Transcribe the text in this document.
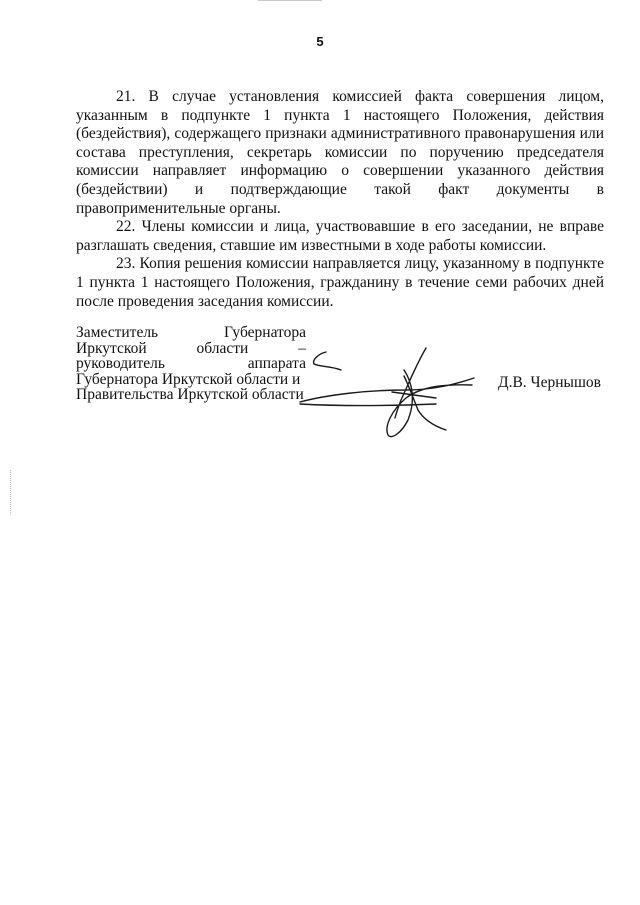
5

21. В случае установления комиссией факта совершения лицом, указанным в подпункте 1 пункта 1 настоящего Положения, действия (бездействия), содержащего признаки административного правонарушения или состава преступления, секретарь комиссии по поручению председателя комиссии направляет информацию о совершении указанного действия (бездействии) и подтверждающие такой факт документы в правоприменительные органы.

22. Члены комиссии и лица, участвовавшие в его заседании, не вправе разглашать сведения, ставшие им известными в ходе работы комиссии.

23. Копия решения комиссии направляется лицу, указанному в подпункте 1 пункта 1 настоящего Положения, гражданину в течение семи рабочих дней после проведения заседания комиссии.

Заместитель	Губернатора
Иркутской	области	–
руководитель	аппарата
Губернатора Иркутской области и
Правительства Иркутской области
Д.В. Чернышов
